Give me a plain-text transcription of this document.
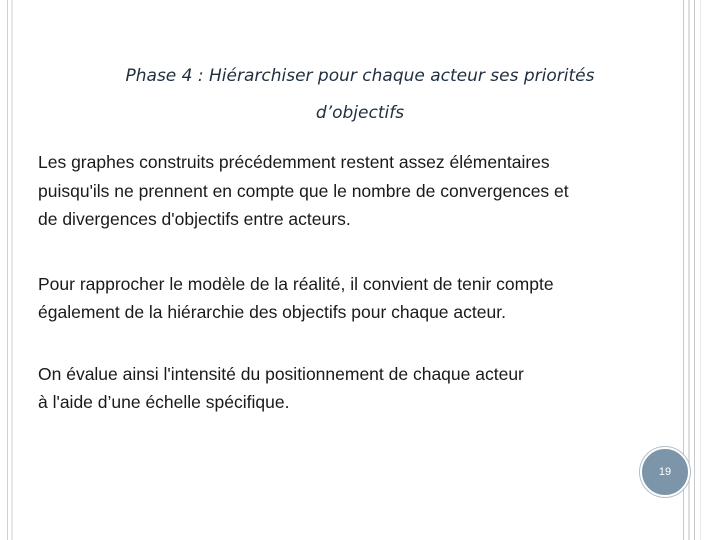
Phase 4 : Hiérarchiser pour chaque acteur ses priorités
d’objectifs
Les graphes construits précédemment restent assez élémentaires
puisqu'ils ne prennent en compte que le nombre de convergences et
de divergences d'objectifs entre acteurs.
Pour rapprocher le modèle de la réalité, il convient de tenir compte
également de la hiérarchie des objectifs pour chaque acteur.
On évalue ainsi l'intensité du positionnement de chaque acteur
à l'aide d’une échelle spécifique.
19
